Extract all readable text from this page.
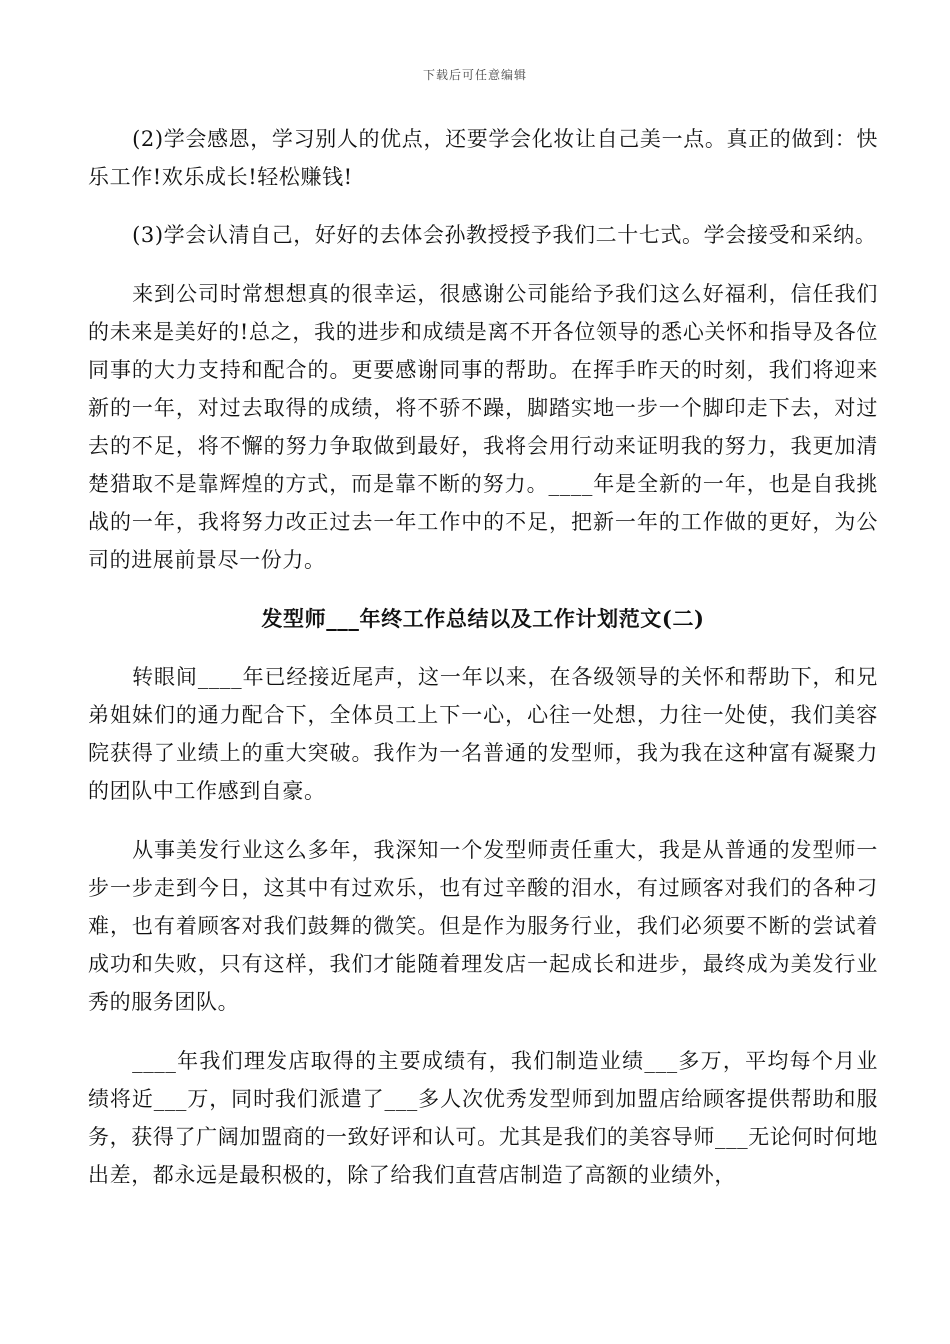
下载后可任意编辑

(2)学会感恩，学习别人的优点，还要学会化妆让自己美一点。真正的做到：快乐工作!欢乐成长!轻松赚钱!

(3)学会认清自己，好好的去体会孙教授授予我们二十七式。学会接受和采纳。

来到公司时常想想真的很幸运，很感谢公司能给予我们这么好福利，信任我们的未来是美好的!总之，我的进步和成绩是离不开各位领导的悉心关怀和指导及各位同事的大力支持和配合的。更要感谢同事的帮助。在挥手昨天的时刻，我们将迎来新的一年，对过去取得的成绩，将不骄不躁，脚踏实地一步一个脚印走下去，对过去的不足，将不懈的努力争取做到最好，我将会用行动来证明我的努力，我更加清楚猎取不是靠辉煌的方式，而是靠不断的努力。____年是全新的一年，也是自我挑战的一年，我将努力改正过去一年工作中的不足，把新一年的工作做的更好，为公司的进展前景尽一份力。

发型师___年终工作总结以及工作计划范文(二)

转眼间____年已经接近尾声，这一年以来，在各级领导的关怀和帮助下，和兄弟姐妹们的通力配合下，全体员工上下一心，心往一处想，力往一处使，我们美容院获得了业绩上的重大突破。我作为一名普通的发型师，我为我在这种富有凝聚力的团队中工作感到自豪。

从事美发行业这么多年，我深知一个发型师责任重大，我是从普通的发型师一步一步走到今日，这其中有过欢乐，也有过辛酸的泪水，有过顾客对我们的各种刁难，也有着顾客对我们鼓舞的微笑。但是作为服务行业，我们必须要不断的尝试着成功和失败，只有这样，我们才能随着理发店一起成长和进步，最终成为美发行业秀的服务团队。

____年我们理发店取得的主要成绩有，我们制造业绩___多万，平均每个月业绩将近___万，同时我们派遣了___多人次优秀发型师到加盟店给顾客提供帮助和服务，获得了广阔加盟商的一致好评和认可。尤其是我们的美容导师___无论何时何地出差，都永远是最积极的，除了给我们直营店制造了高额的业绩外，
